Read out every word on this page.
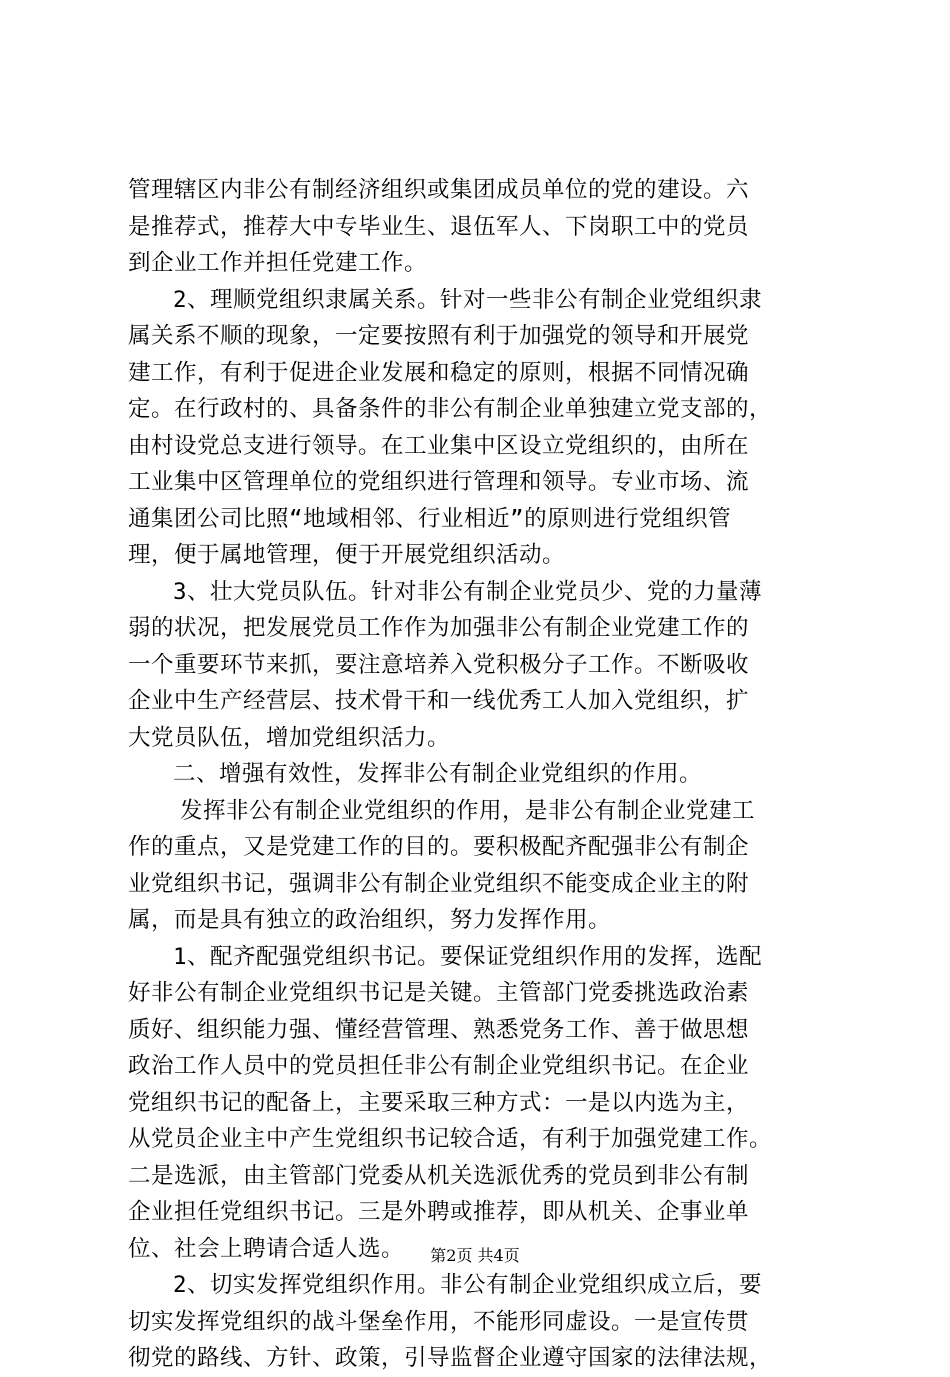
管理辖区内非公有制经济组织或集团成员单位的党的建设。六
是推荐式，推荐大中专毕业生、退伍军人、下岗职工中的党员
到企业工作并担任党建工作。
2、理顺党组织隶属关系。针对一些非公有制企业党组织隶
属关系不顺的现象，一定要按照有利于加强党的领导和开展党
建工作，有利于促进企业发展和稳定的原则，根据不同情况确
定。在行政村的、具备条件的非公有制企业单独建立党支部的，
由村设党总支进行领导。在工业集中区设立党组织的，由所在
工业集中区管理单位的党组织进行管理和领导。专业市场、流
通集团公司比照“地域相邻、行业相近”的原则进行党组织管
理，便于属地管理，便于开展党组织活动。
3、壮大党员队伍。针对非公有制企业党员少、党的力量薄
弱的状况，把发展党员工作作为加强非公有制企业党建工作的
一个重要环节来抓，要注意培养入党积极分子工作。不断吸收
企业中生产经营层、技术骨干和一线优秀工人加入党组织，扩
大党员队伍，增加党组织活力。
二、增强有效性，发挥非公有制企业党组织的作用。
发挥非公有制企业党组织的作用，是非公有制企业党建工
作的重点，又是党建工作的目的。要积极配齐配强非公有制企
业党组织书记，强调非公有制企业党组织不能变成企业主的附
属，而是具有独立的政治组织，努力发挥作用。
1、配齐配强党组织书记。要保证党组织作用的发挥，选配
好非公有制企业党组织书记是关键。主管部门党委挑选政治素
质好、组织能力强、懂经营管理、熟悉党务工作、善于做思想
政治工作人员中的党员担任非公有制企业党组织书记。在企业
党组织书记的配备上，主要采取三种方式：一是以内选为主，
从党员企业主中产生党组织书记较合适，有利于加强党建工作。
二是选派，由主管部门党委从机关选派优秀的党员到非公有制
企业担任党组织书记。三是外聘或推荐，即从机关、企事业单
位、社会上聘请合适人选。
2、切实发挥党组织作用。非公有制企业党组织成立后，要
切实发挥党组织的战斗堡垒作用，不能形同虚设。一是宣传贯
彻党的路线、方针、政策，引导监督企业遵守国家的法律法规，
第2页 共4页
